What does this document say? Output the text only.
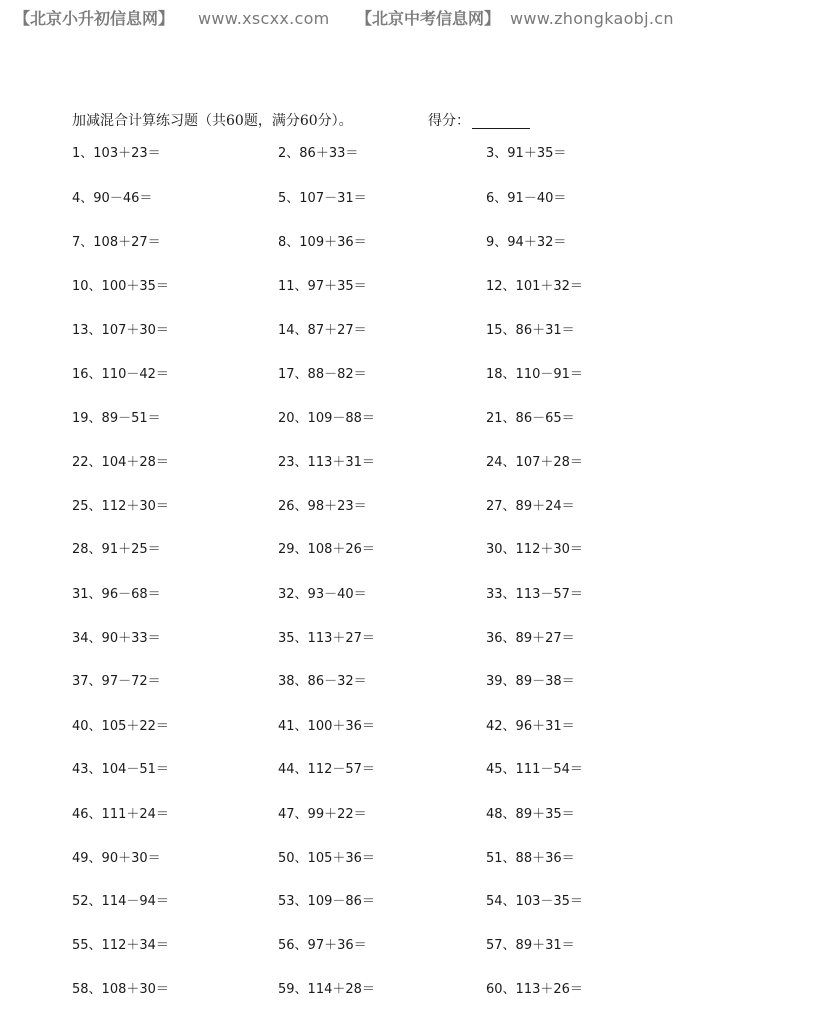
【北京小升初信息网】 www.xscxx.com 【北京中考信息网】 www.zhongkaobj.cn
加减混合计算练习题（共60题，满分60分）。	得分：
1、103＋23＝	2、86＋33＝	3、91＋35＝
4、90－46＝	5、107－31＝	6、91－40＝
7、108＋27＝	8、109＋36＝	9、94＋32＝
10、100＋35＝	11、97＋35＝	12、101＋32＝
13、107＋30＝	14、87＋27＝	15、86＋31＝
16、110－42＝	17、88－82＝	18、110－91＝
19、89－51＝	20、109－88＝	21、86－65＝
22、104＋28＝	23、113＋31＝	24、107＋28＝
25、112＋30＝	26、98＋23＝	27、89＋24＝
28、91＋25＝	29、108＋26＝	30、112＋30＝
31、96－68＝	32、93－40＝	33、113－57＝
34、90＋33＝	35、113＋27＝	36、89＋27＝
37、97－72＝	38、86－32＝	39、89－38＝
40、105＋22＝	41、100＋36＝	42、96＋31＝
43、104－51＝	44、112－57＝	45、111－54＝
46、111＋24＝	47、99＋22＝	48、89＋35＝
49、90＋30＝	50、105＋36＝	51、88＋36＝
52、114－94＝	53、109－86＝	54、103－35＝
55、112＋34＝	56、97＋36＝	57、89＋31＝
58、108＋30＝	59、114＋28＝	60、113＋26＝
